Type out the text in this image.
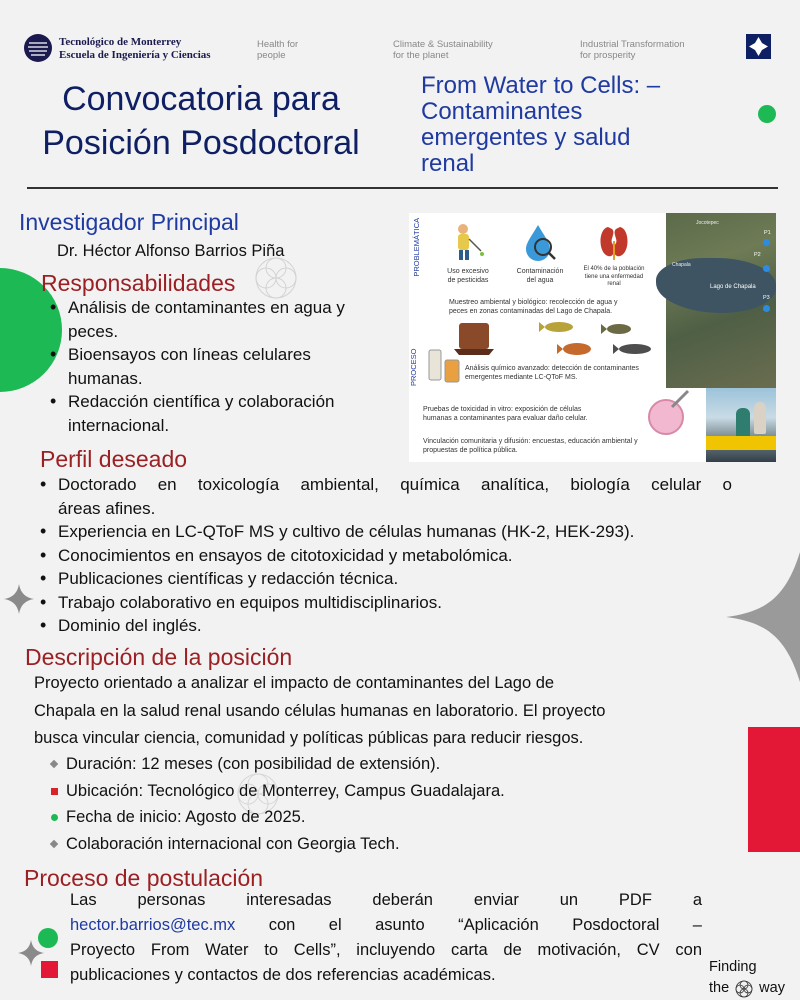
Tecnológico de Monterrey
Escuela de Ingeniería y Ciencias
Health for
people
Climate & Sustainability
for the planet
Industrial Transformation
for prosperity
Convocatoria para
Posición Posdoctoral
From Water to Cells: –
Contaminantes
emergentes y salud
renal
Investigador Principal
Dr. Héctor Alfonso Barrios Piña
Responsabilidades
• Análisis de contaminantes en agua y
peces.
• Bioensayos con líneas celulares
humanas.
• Redacción científica y colaboración
internacional.
PROBLEMÁTICA
PROCESO
Uso excesivo
de pesticidas
Contaminación
del agua
El 40% de la población
tiene una enfermedad
renal	Lago de Chapala
Jocotepec
Chapala
P1
P2
P3
Muestreo ambiental y biológico: recolección de agua y
peces en zonas contaminadas del Lago de Chapala.
Análisis químico avanzado: detección de contaminantes
emergentes mediante LC-QToF MS.
Pruebas de toxicidad in vitro: exposición de células
humanas a contaminantes para evaluar daño celular.
Vinculación comunitaria y difusión: encuestas, educación ambiental y
propuestas de política pública.
Perfil deseado
• Doctorado en toxicología ambiental, química analítica, biología celular o
áreas afines.
• Experiencia en LC-QToF MS y cultivo de células humanas (HK-2, HEK-293).
• Conocimientos en ensayos de citotoxicidad y metabolómica.
• Publicaciones científicas y redacción técnica.
• Trabajo colaborativo en equipos multidisciplinarios.
• Dominio del inglés.
Descripción de la posición
Proyecto orientado a analizar el impacto de contaminantes del Lago de
Chapala en la salud renal usando células humanas en laboratorio. El proyecto
busca vincular ciencia, comunidad y políticas públicas para reducir riesgos.
Duración: 12 meses (con posibilidad de extensión).
Ubicación: Tecnológico de Monterrey, Campus Guadalajara.
Fecha de inicio: Agosto de 2025.
Colaboración internacional con Georgia Tech.
Proceso de postulación
Las personas interesadas deberán enviar un PDF a
hector.barrios@tec.mx con el asunto “Aplicación Posdoctoral –
Proyecto From Water to Cells”, incluyendo carta de motivación, CV con
publicaciones y contactos de dos referencias académicas.	Finding
the way
